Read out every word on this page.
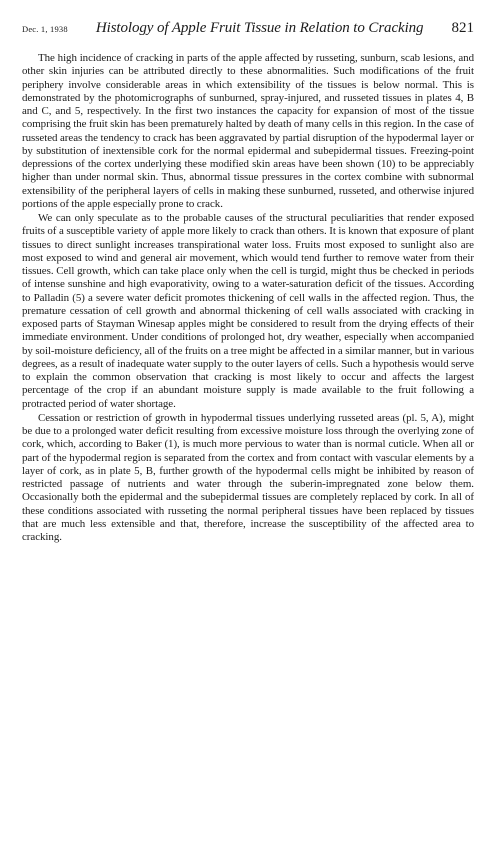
Dec. 1, 1938 Histology of Apple Fruit Tissue in Relation to Cracking 821

The high incidence of cracking in parts of the apple affected by russeting, sunburn, scab lesions, and other skin injuries can be attributed directly to these abnormalities. Such modifications of the fruit periphery involve considerable areas in which extensibility of the tissues is below normal. This is demonstrated by the photomicrographs of sunburned, spray-injured, and russeted tissues in plates 4, B and C, and 5, respectively. In the first two instances the capacity for expansion of most of the tissue comprising the fruit skin has been prematurely halted by death of many cells in this region. In the case of russeted areas the tendency to crack has been aggravated by partial disruption of the hypodermal layer or by substitution of inextensible cork for the normal epidermal and subepidermal tissues. Freezing-point depressions of the cortex underlying these modified skin areas have been shown (10) to be appreciably higher than under normal skin. Thus, abnormal tissue pressures in the cortex combine with subnormal extensibility of the peripheral layers of cells in making these sunburned, russeted, and otherwise injured portions of the apple especially prone to crack.

We can only speculate as to the probable causes of the structural peculiarities that render exposed fruits of a susceptible variety of apple more likely to crack than others. It is known that exposure of plant tissues to direct sunlight increases transpirational water loss. Fruits most exposed to sunlight also are most exposed to wind and general air movement, which would tend further to remove water from their tissues. Cell growth, which can take place only when the cell is turgid, might thus be checked in periods of intense sunshine and high evaporativity, owing to a water-saturation deficit of the tissues. According to Palladin (5) a severe water deficit promotes thickening of cell walls in the affected region. Thus, the premature cessation of cell growth and abnormal thickening of cell walls associated with cracking in exposed parts of Stayman Winesap apples might be considered to result from the drying effects of their immediate environment. Under conditions of prolonged hot, dry weather, especially when accompanied by soil-moisture deficiency, all of the fruits on a tree might be affected in a similar manner, but in various degrees, as a result of inadequate water supply to the outer layers of cells. Such a hypothesis would serve to explain the common observation that cracking is most likely to occur and affects the largest percentage of the crop if an abundant moisture supply is made available to the fruit following a protracted period of water shortage.

Cessation or restriction of growth in hypodermal tissues underlying russeted areas (pl. 5, A), might be due to a prolonged water deficit resulting from excessive moisture loss through the overlying zone of cork, which, according to Baker (1), is much more pervious to water than is normal cuticle. When all or part of the hypodermal region is separated from the cortex and from contact with vascular elements by a layer of cork, as in plate 5, B, further growth of the hypodermal cells might be inhibited by reason of restricted passage of nutrients and water through the suberin-impregnated zone below them. Occasionally both the epidermal and the subepidermal tissues are completely replaced by cork. In all of these conditions associated with russeting the normal peripheral tissues have been replaced by tissues that are much less extensible and that, therefore, increase the susceptibility of the affected area to cracking.
